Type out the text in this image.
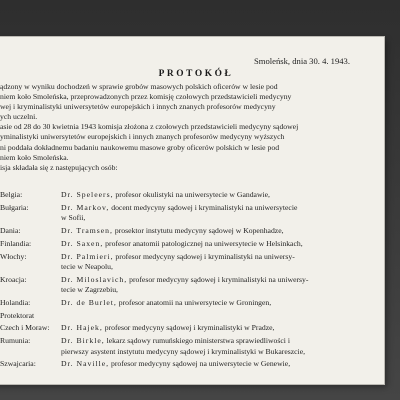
Smoleńsk, dnia 30. 4. 1943.
PROTOKÓŁ
ądzony w wyniku dochodzeń w sprawie grobów masowych polskich oficerów w lesie pod
niem koło Smoleńska, przeprowadzonych przez komisję czołowych przedstawicieli medycyny
wej i kryminalistyki uniwersytetów europejskich i innych znanych profesorów medycyny
ych uczelni.
asie od 28 do 30 kwietnia 1943 komisja złożona z czołowych przedstawicieli medycyny sądowej
yminalistyki uniwersytetów europejskich i innych znanych profesorów medycyny wyższych
ni poddała dokładnemu badaniu naukowemu masowe groby oficerów polskich w lesie pod
niem koło Smoleńska.
isja składała się z następujących osób:
Belgia:	Dr. Speleers, profesor okulistyki na uniwersytecie w Gandawie,
Bułgaria:	Dr. Markov, docent medycyny sądowej i kryminalistyki na uniwersytecie
w Sofii,
Dania:	Dr. Tramsen, prosektor instytutu medycyny sądowej w Kopenhadze,
Finlandia:	Dr. Saxen, profesor anatomii patologicznej na uniwersytecie w Helsinkach,
Włochy:	Dr. Palmieri, profesor medycyny sądowej i kryminalistyki na uniwersy-
tecie w Neapolu,
Kroacja:	Dr. Miloslavich, profesor medycyny sądowej i kryminalistyki na uniwersy-
tecie w Zagrzebiu,
Holandia:	Dr. de Burlet, profesor anatomii na uniwersytecie w Groningen,
Protektorat
Czech i Moraw:	Dr. Hajek, profesor medycyny sądowej i kryminalistyki w Pradze,
Rumunia:	Dr. Birkle, lekarz sądowy rumuńskiego ministerstwa sprawiedliwości i
pierwszy asystent instytutu medycyny sądowej i kryminalistyki w Bukareszcie,
Szwajcaria:	Dr. Naville, profesor medycyny sądowej na uniwersytecie w Genewie,
